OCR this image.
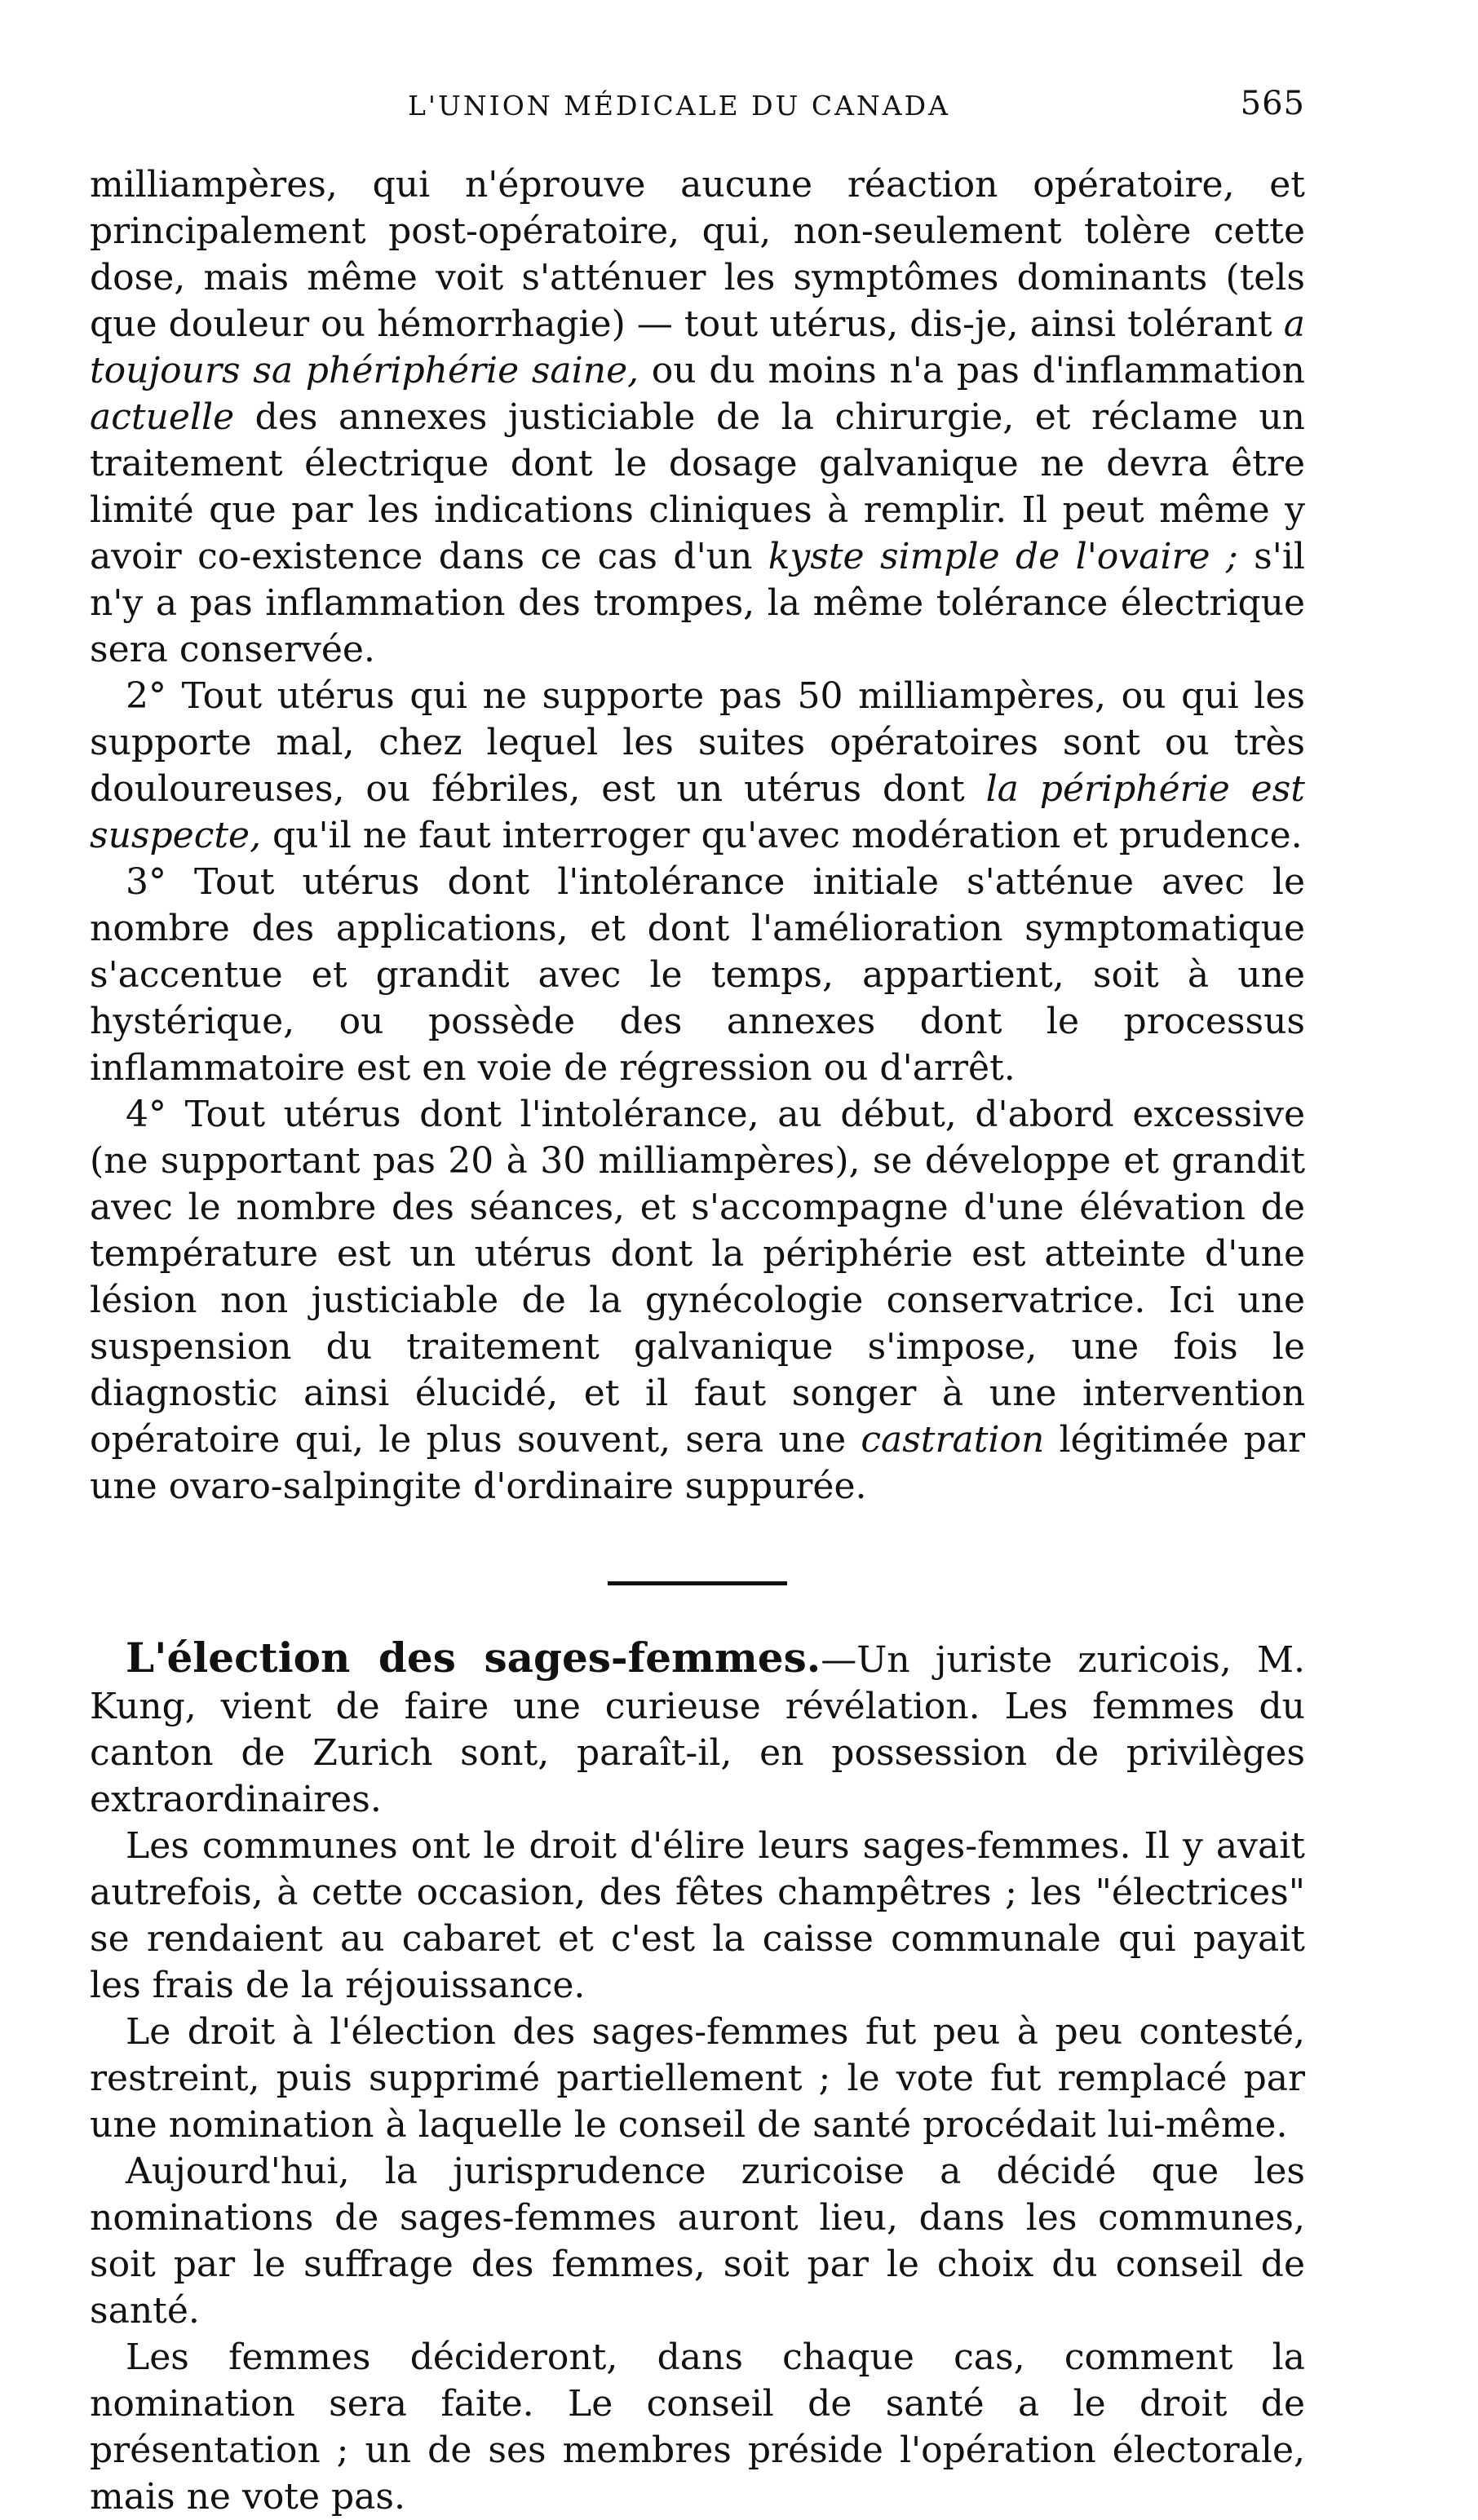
L'UNION MÉDICALE DU CANADA	565

milliampères, qui n'éprouve aucune réaction opératoire, et principalement post-opératoire, qui, non-seulement tolère cette dose, mais même voit s'atténuer les symptômes dominants (tels que douleur ou hémorrhagie) — tout utérus, dis-je, ainsi tolérant a toujours sa phériphérie saine, ou du moins n'a pas d'inflammation actuelle des annexes justiciable de la chirurgie, et réclame un traitement électrique dont le dosage galvanique ne devra être limité que par les indications cliniques à remplir. Il peut même y avoir co-existence dans ce cas d'un kyste simple de l'ovaire ; s'il n'y a pas inflammation des trompes, la même tolérance électrique sera conservée.

2° Tout utérus qui ne supporte pas 50 milliampères, ou qui les supporte mal, chez lequel les suites opératoires sont ou très douloureuses, ou fébriles, est un utérus dont la périphérie est suspecte, qu'il ne faut interroger qu'avec modération et prudence.

3° Tout utérus dont l'intolérance initiale s'atténue avec le nombre des applications, et dont l'amélioration symptomatique s'accentue et grandit avec le temps, appartient, soit à une hystérique, ou possède des annexes dont le processus inflammatoire est en voie de régression ou d'arrêt.

4° Tout utérus dont l'intolérance, au début, d'abord excessive (ne supportant pas 20 à 30 milliampères), se développe et grandit avec le nombre des séances, et s'accompagne d'une élévation de température est un utérus dont la périphérie est atteinte d'une lésion non justiciable de la gynécologie conservatrice. Ici une suspension du traitement galvanique s'impose, une fois le diagnostic ainsi élucidé, et il faut songer à une intervention opératoire qui, le plus souvent, sera une castration légitimée par une ovaro-salpingite d'ordinaire suppurée.

L'élection des sages-femmes.—Un juriste zuricois, M. Kung, vient de faire une curieuse révélation. Les femmes du canton de Zurich sont, paraît-il, en possession de privilèges extraordinaires.

Les communes ont le droit d'élire leurs sages-femmes. Il y avait autrefois, à cette occasion, des fêtes champêtres ; les "électrices" se rendaient au cabaret et c'est la caisse communale qui payait les frais de la réjouissance.

Le droit à l'élection des sages-femmes fut peu à peu contesté, restreint, puis supprimé partiellement ; le vote fut remplacé par une nomination à laquelle le conseil de santé procédait lui-même.

Aujourd'hui, la jurisprudence zuricoise a décidé que les nominations de sages-femmes auront lieu, dans les communes, soit par le suffrage des femmes, soit par le choix du conseil de santé.

Les femmes décideront, dans chaque cas, comment la nomination sera faite. Le conseil de santé a le droit de présentation ; un de ses membres préside l'opération électorale, mais ne vote pas.
